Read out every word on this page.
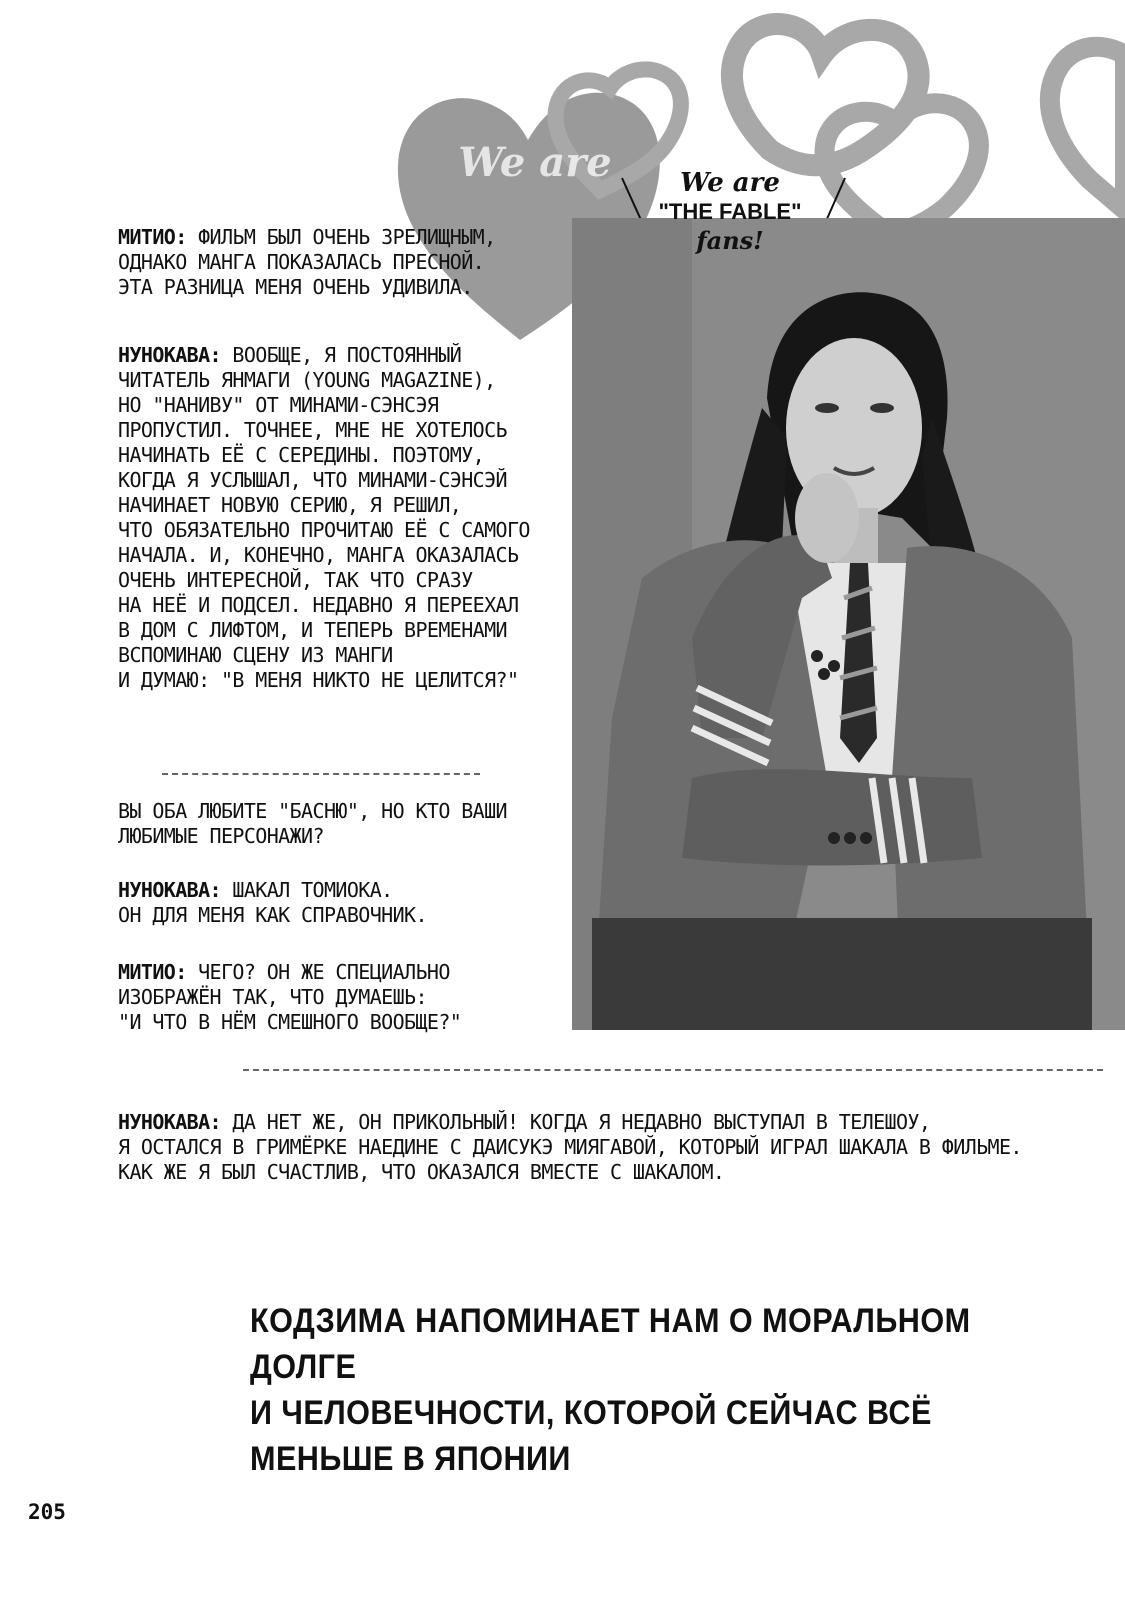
We are	We are
"THE FABLE"
fans!

МИТИО: ФИЛЬМ БЫЛ ОЧЕНЬ ЗРЕЛИЩНЫМ,
ОДНАКО МАНГА ПОКАЗАЛАСЬ ПРЕСНОЙ.
ЭТА РАЗНИЦА МЕНЯ ОЧЕНЬ УДИВИЛА.

НУНОКАВА: ВООБЩЕ, Я ПОСТОЯННЫЙ
ЧИТАТЕЛЬ ЯНМАГИ (YOUNG MAGAZINE),
НО "НАНИВУ" ОТ МИНАМИ-СЭНСЭЯ
ПРОПУСТИЛ. ТОЧНЕЕ, МНЕ НЕ ХОТЕЛОСЬ
НАЧИНАТЬ ЕЁ С СЕРЕДИНЫ. ПОЭТОМУ,
КОГДА Я УСЛЫШАЛ, ЧТО МИНАМИ-СЭНСЭЙ
НАЧИНАЕТ НОВУЮ СЕРИЮ, Я РЕШИЛ,
ЧТО ОБЯЗАТЕЛЬНО ПРОЧИТАЮ ЕЁ С САМОГО
НАЧАЛА. И, КОНЕЧНО, МАНГА ОКАЗАЛАСЬ
ОЧЕНЬ ИНТЕРЕСНОЙ, ТАК ЧТО СРАЗУ
НА НЕЁ И ПОДСЕЛ. НЕДАВНО Я ПЕРЕЕХАЛ
В ДОМ С ЛИФТОМ, И ТЕПЕРЬ ВРЕМЕНАМИ
ВСПОМИНАЮ СЦЕНУ ИЗ МАНГИ
И ДУМАЮ: "В МЕНЯ НИКТО НЕ ЦЕЛИТСЯ?"

ВЫ ОБА ЛЮБИТЕ "БАСНЮ", НО КТО ВАШИ
ЛЮБИМЫЕ ПЕРСОНАЖИ?

НУНОКАВА: ШАКАЛ ТОМИОКА.
ОН ДЛЯ МЕНЯ КАК СПРАВОЧНИК.

МИТИО: ЧЕГО? ОН ЖЕ СПЕЦИАЛЬНО
ИЗОБРАЖЁН ТАК, ЧТО ДУМАЕШЬ:
"И ЧТО В НЁМ СМЕШНОГО ВООБЩЕ?"

НУНОКАВА: ДА НЕТ ЖЕ, ОН ПРИКОЛЬНЫЙ! КОГДА Я НЕДАВНО ВЫСТУПАЛ В ТЕЛЕШОУ,
Я ОСТАЛСЯ В ГРИМЁРКЕ НАЕДИНЕ С ДАИСУКЭ МИЯГАВОЙ, КОТОРЫЙ ИГРАЛ ШАКАЛА В ФИЛЬМЕ.
КАК ЖЕ Я БЫЛ СЧАСТЛИВ, ЧТО ОКАЗАЛСЯ ВМЕСТЕ С ШАКАЛОМ.

КОДЗИМА НАПОМИНАЕТ НАМ О МОРАЛЬНОМ ДОЛГЕ
И ЧЕЛОВЕЧНОСТИ, КОТОРОЙ СЕЙЧАС ВСЁ МЕНЬШЕ В ЯПОНИИ

205
